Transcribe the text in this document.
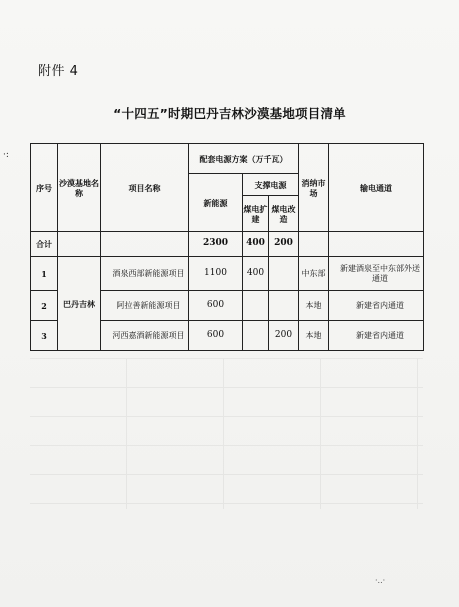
·:
附件 4
“十四五”时期巴丹吉林沙漠基地项目清单
序号	沙漠基地名称	项目名称	配套电源方案（万千瓦）			消纳市场	输电通道
			新能源	支撑电源			
				煤电扩建	煤电改造		
合计			2300	400	200		
1	巴丹吉林	酒泉西部新能源项目	1100	400		中东部	新建酒泉至中东部外送通道
2		阿拉善新能源项目	600			本地	新建省内通道
3		河西嘉酒新能源项目	600		200	本地	新建省内通道
·..·
